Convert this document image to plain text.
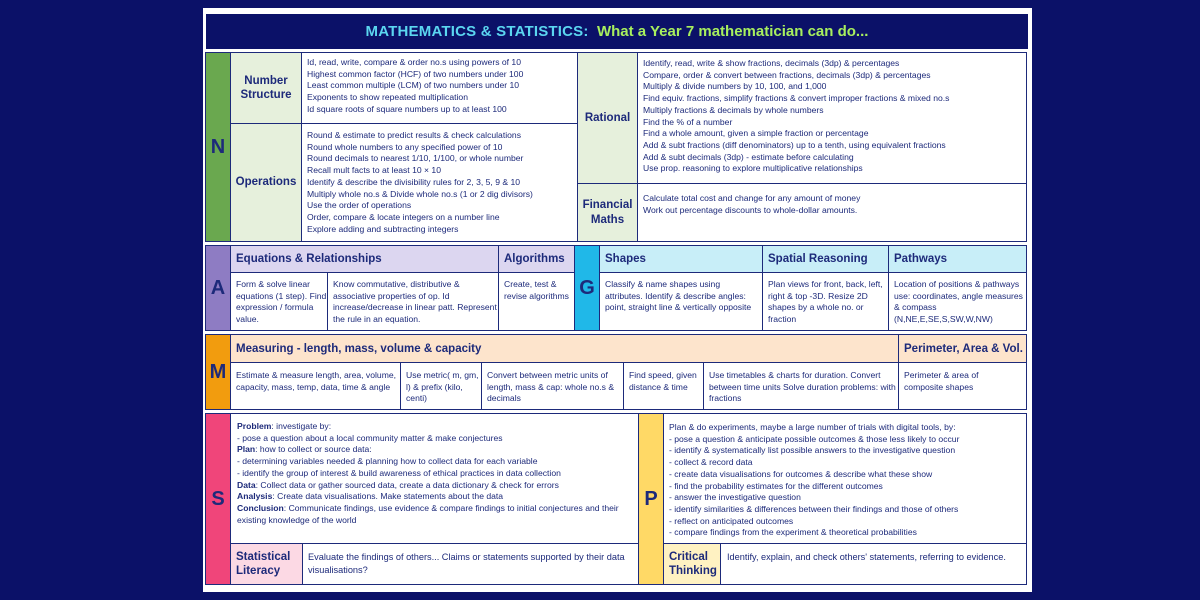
MATHEMATICS & STATISTICS: What a Year 7 mathematician can do...
N
Number Structure
Id, read, write, compare & order no.s using powers of 10
Highest common factor (HCF) of two numbers under 100
Least common multiple (LCM) of two numbers under 10
Exponents to show repeated multiplication
Id square roots of square numbers up to at least 100
Operations
Round & estimate to predict results & check calculations
Round whole numbers to any specified power of 10
Round decimals to nearest 1/10, 1/100, or whole number
Recall mult facts to at least 10 × 10
Identify & describe the divisibility rules for 2, 3, 5, 9 & 10
Multiply whole no.s & Divide whole no.s (1 or 2 dig divisors)
Use the order of operations
Order, compare & locate integers on a number line
Explore adding and subtracting integers
Rational
Identify, read, write & show fractions, decimals (3dp) & percentages
Compare, order & convert between fractions, decimals (3dp) & percentages
Multiply & divide numbers by 10, 100, and 1,000
Find equiv. fractions, simplify fractions & convert improper fractions & mixed no.s
Multiply fractions & decimals by whole numbers
Find the % of a number
Find a whole amount, given a simple fraction or percentage
Add & subt fractions (diff denominators) up to a tenth, using equivalent fractions
Add & subt decimals (3dp) - estimate before calculating
Use prop. reasoning to explore multiplicative relationships
Financial Maths
Calculate total cost and change for any amount of money
Work out percentage discounts to whole-dollar amounts.
A
Equations & Relationships
Form & solve linear equations (1 step). Find expression / formula value.
Know commutative, distributive & associative properties of op. Id increase/decrease in linear patt. Represent the rule in an equation.
Algorithms
Create, test & revise algorithms G
Shapes
Classify & name shapes using attributes. Identify & describe angles: point, straight line & vertically opposite
Spatial Reasoning
Plan views for front, back, left, right & top -3D. Resize 2D shapes by a whole no. or fraction
Pathways
Location of positions & pathways use: coordinates, angle measures & compass (N,NE,E,SE,S,SW,W,NW)
M
Measuring - length, mass, volume & capacity
Estimate & measure length, area, volume, capacity, mass, temp, data, time & angle
Use metric( m, gm, l) & prefix (kilo, centi)
Convert between metric units of length, mass & cap: whole no.s & decimals
Find speed, given distance & time
Use timetables & charts for duration. Convert between time units Solve duration problems: with fractions
Perimeter, Area & Vol.
Perimeter & area of composite shapes
S
Problem: investigate by:
- pose a question about a local community matter & make conjectures
Plan: how to collect or source data:
- determining variables needed & planning how to collect data for each variable
- identify the group of interest & build awareness of ethical practices in data collection
Data: Collect data or gather sourced data, create a data dictionary & check for errors
Analysis: Create data visualisations. Make statements about the data
Conclusion: Communicate findings, use evidence & compare findings to initial conjectures and their existing knowledge of the world
Statistical Literacy
Evaluate the findings of others... Claims or statements supported by their data visualisations?
P
Plan & do experiments, maybe a large number of trials with digital tools, by:
- pose a question & anticipate possible outcomes & those less likely to occur
- identify & systematically list possible answers to the investigative question
- collect & record data
- create data visualisations for outcomes & describe what these show
- find the probability estimates for the different outcomes
- answer the investigative question
- identify similarities & differences between their findings and those of others
- reflect on anticipated outcomes
- compare findings from the experiment & theoretical probabilities
Critical Thinking
Identify, explain, and check others' statements, referring to evidence.
